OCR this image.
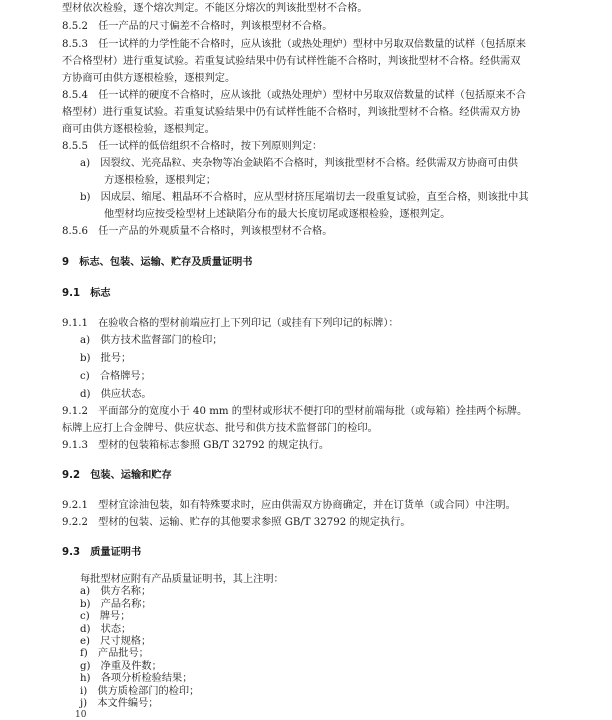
型材依次检验，逐个熔次判定。不能区分熔次的判该批型材不合格。
8.5.2　任一产品的尺寸偏差不合格时，判该根型材不合格。
8.5.3　任一试样的力学性能不合格时，应从该批（或热处理炉）型材中另取双倍数量的试样（包括原来
不合格型材）进行重复试验。若重复试验结果中仍有试样性能不合格时，判该批型材不合格。经供需双
方协商可由供方逐根检验，逐根判定。
8.5.4　任一试样的硬度不合格时，应从该批（或热处理炉）型材中另取双倍数量的试样（包括原来不合
格型材）进行重复试验。若重复试验结果中仍有试样性能不合格时，判该批型材不合格。经供需双方协
商可由供方逐根检验，逐根判定。
8.5.5　任一试样的低倍组织不合格时，按下列原则判定：
a)　因裂纹、光亮晶粒、夹杂物等冶金缺陷不合格时，判该批型材不合格。经供需双方协商可由供
方逐根检验，逐根判定；
b)　因成层、缩尾、粗晶环不合格时，应从型材挤压尾端切去一段重复试验，直至合格，则该批中其
他型材均应按受检型材上述缺陷分布的最大长度切尾或逐根检验，逐根判定。
8.5.6　任一产品的外观质量不合格时，判该根型材不合格。
9　标志、包装、运输、贮存及质量证明书
9.1　标志
9.1.1　在验收合格的型材前端应打上下列印记（或挂有下列印记的标牌）：
a)　供方技术监督部门的检印；
b)　批号；
c)　合格牌号；
d)　供应状态。
9.1.2　平面部分的宽度小于 40 mm 的型材或形状不便打印的型材前端每批（或每箱）拴挂两个标牌。
标牌上应打上合金牌号、供应状态、批号和供方技术监督部门的检印。
9.1.3　型材的包装箱标志参照 GB/T 32792 的规定执行。
9.2　包装、运输和贮存
9.2.1　型材宜涂油包装，如有特殊要求时，应由供需双方协商确定，并在订货单（或合同）中注明。
9.2.2　型材的包装、运输、贮存的其他要求参照 GB/T 32792 的规定执行。
9.3　质量证明书
每批型材应附有产品质量证明书，其上注明：
a)　供方名称；
b)　产品名称；
c)　牌号；
d)　状态；
e)　尺寸规格；
f)　产品批号；
g)　净重及件数；
h)　各项分析检验结果；
i)　供方质检部门的检印；
j)　本文件编号；
10
